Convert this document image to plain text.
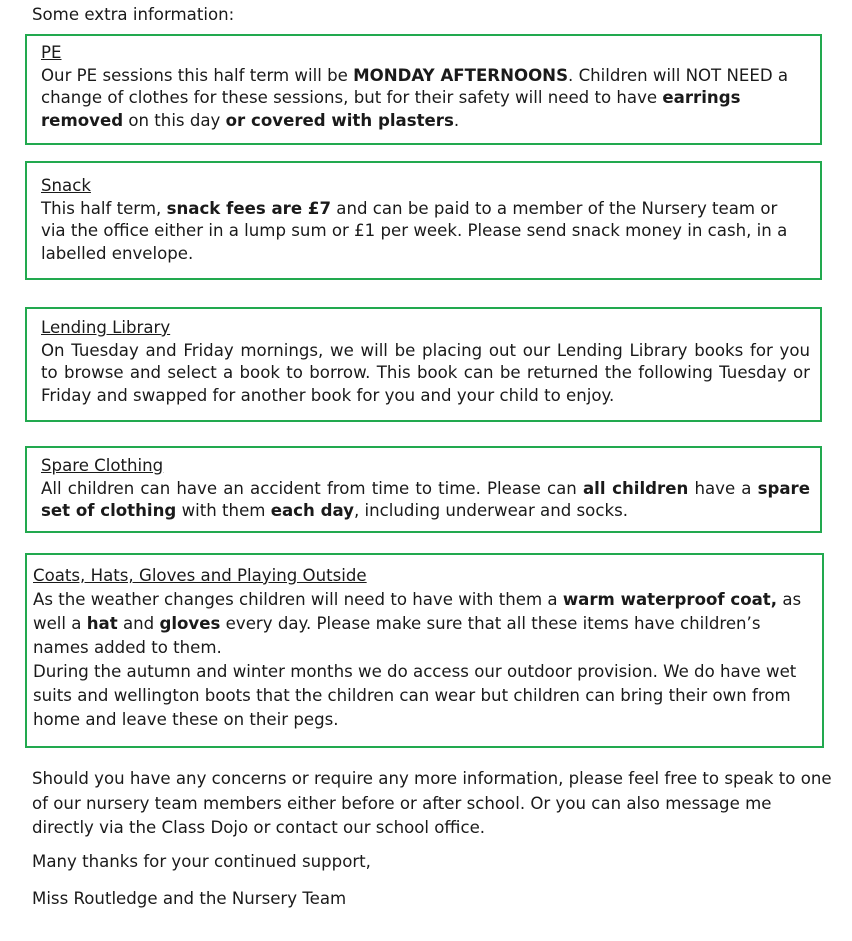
Some extra information:

PE

Our PE sessions this half term will be MONDAY AFTERNOONS. Children will NOT NEED a change of clothes for these sessions, but for their safety will need to have earrings removed on this day or covered with plasters.

Snack

This half term, snack fees are £7 and can be paid to a member of the Nursery team or via the office either in a lump sum or £1 per week. Please send snack money in cash, in a labelled envelope.

Lending Library

On Tuesday and Friday mornings, we will be placing out our Lending Library books for you to browse and select a book to borrow. This book can be returned the following Tuesday or Friday and swapped for another book for you and your child to enjoy.

Spare Clothing

All children can have an accident from time to time. Please can all children have a spare set of clothing with them each day, including underwear and socks.

Coats, Hats, Gloves and Playing Outside

As the weather changes children will need to have with them a warm waterproof coat, as well a hat and gloves every day. Please make sure that all these items have children’s names added to them.

During the autumn and winter months we do access our outdoor provision. We do have wet suits and wellington boots that the children can wear but children can bring their own from home and leave these on their pegs.

Should you have any concerns or require any more information, please feel free to speak to one of our nursery team members either before or after school. Or you can also message me directly via the Class Dojo or contact our school office.
Many thanks for your continued support,
Miss Routledge and the Nursery Team
